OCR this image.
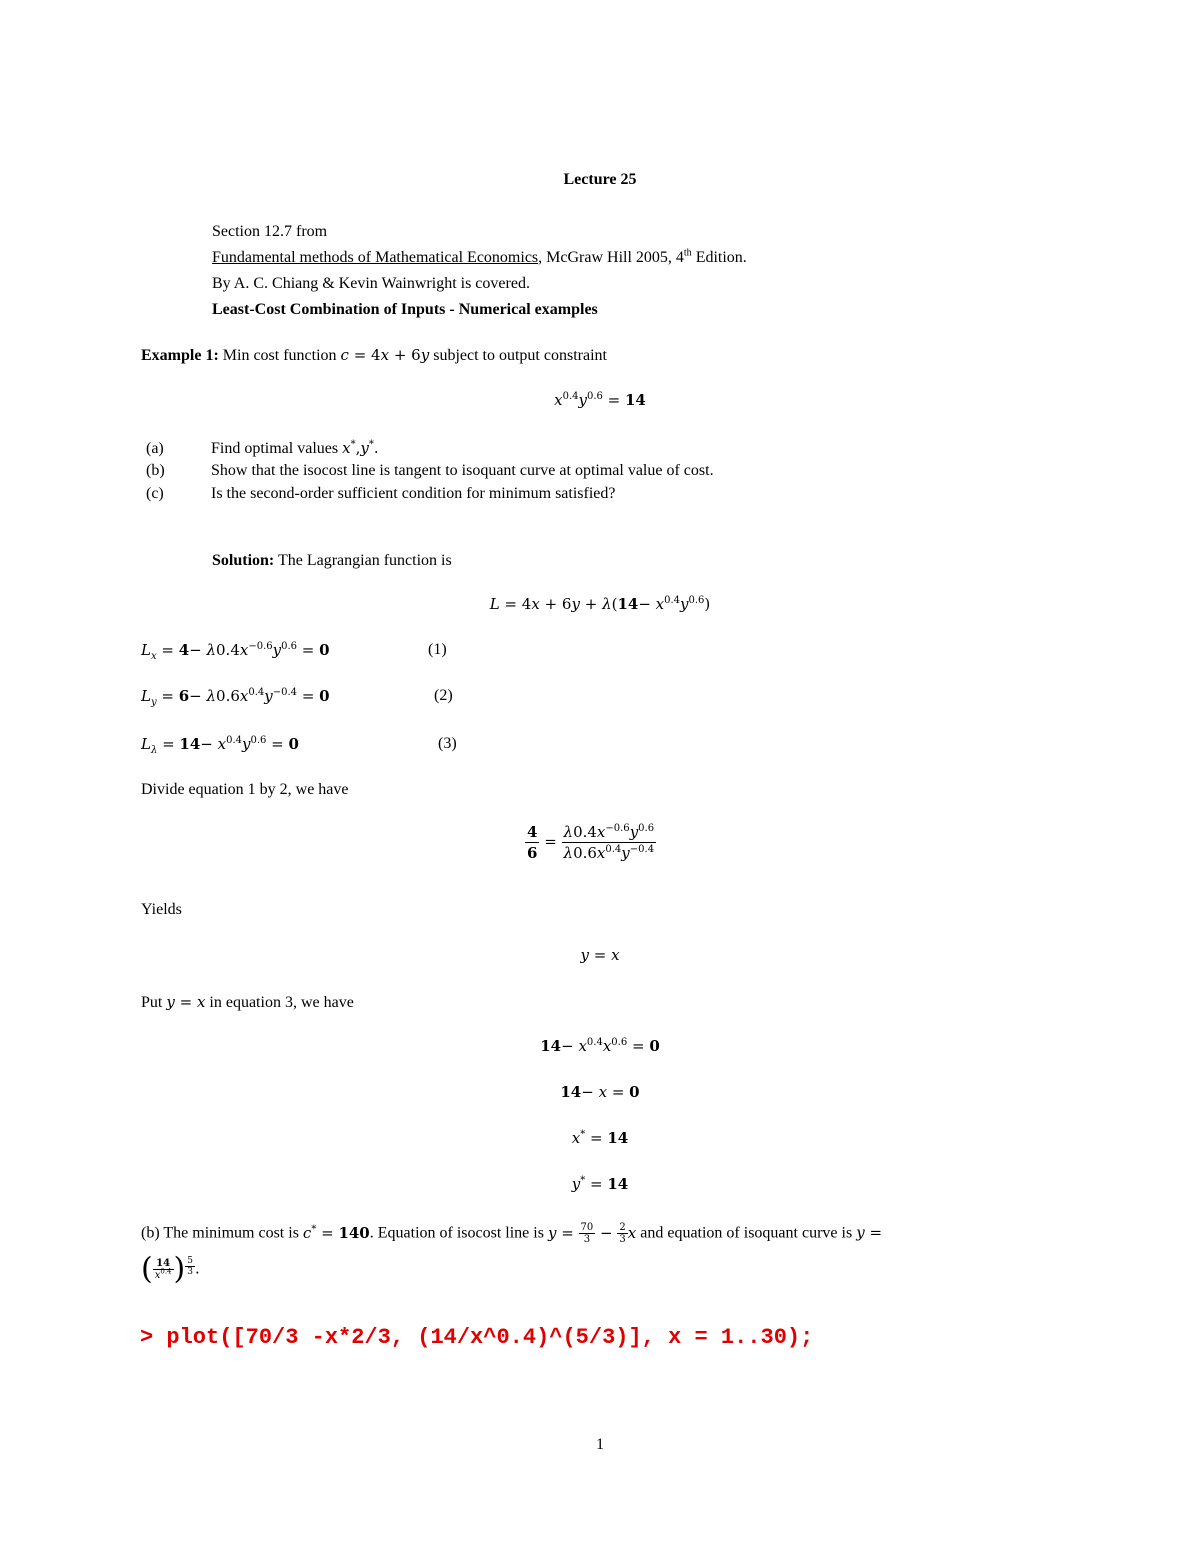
Lecture 25
Section 12.7 from
Fundamental methods of Mathematical Economics, McGraw Hill 2005, 4th Edition.
By A. C. Chiang & Kevin Wainwright is covered.
Least-Cost Combination of Inputs - Numerical examples
Example 1: Min cost function c = 4x + 6y subject to output constraint
$x^{0.4}y^{0.6} = 14$
(a)	Find optimal values x*,y*.
(b)	Show that the isocost line is tangent to isoquant curve at optimal value of cost.
(c)	Is the second-order sufficient condition for minimum satisfied?
Solution: The Lagrangian function is
$L = 4x + 6y + \lambda(14- x^{0.4}y^{0.6})$
$L_x = 4- \lambda 0.4x^{-0.6}y^{0.6} = 0$	(1)
$L_y = 6- \lambda 0.6x^{0.4}y^{-0.4} = 0$	(2)
$L_\lambda = 14- x^{0.4}y^{0.6} = 0$	(3)
Divide equation 1 by 2, we have
$\frac{4}{6} = \frac{\lambda 0.4x^{-0.6}y^{0.6}}{\lambda 0.6x^{0.4}y^{-0.4}}$
Yields
y = x
Put y = x in equation 3, we have
$14- x^{0.4}x^{0.6} = 0$
14− x = 0
x* = 14
y* = 14
(b) The minimum cost is c* = 140. Equation of isocost line is $y = \frac{70}{3} - \frac{2}{3}$ x and equation of isoquant curve is y =
( $\frac{14}{x^{0.4}}$ ) $\frac{5}{3}$ .
> plot([70/3 -x*2/3, (14/x^0.4)^(5/3)], x = 1..30);
1
